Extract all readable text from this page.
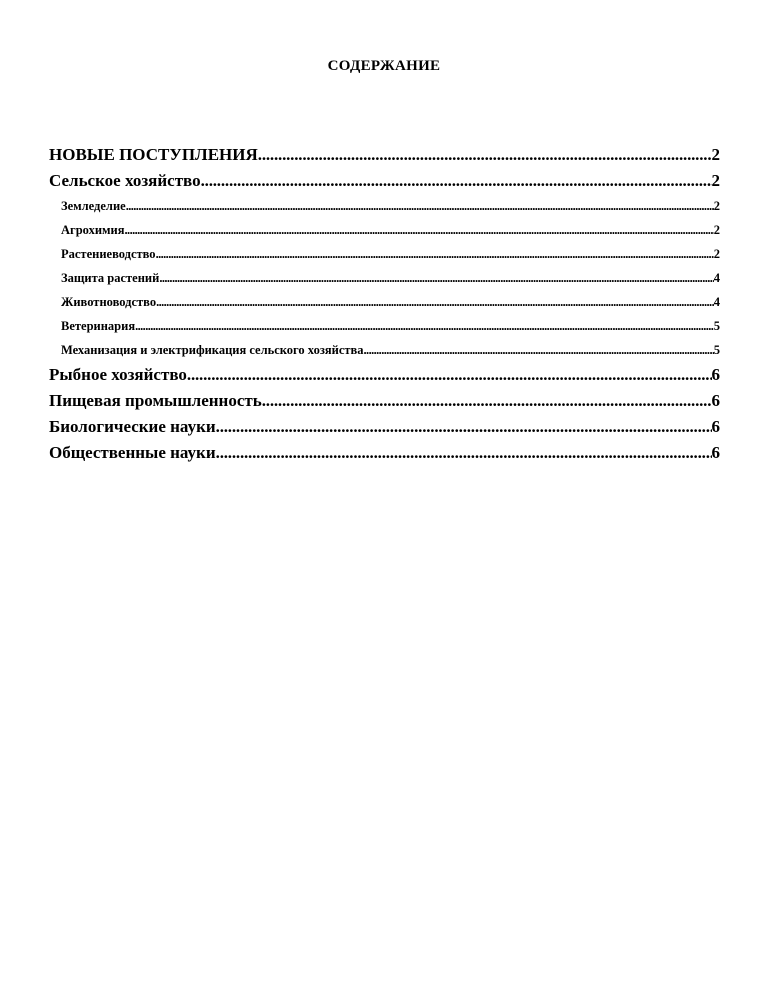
СОДЕРЖАНИЕ
НОВЫЕ ПОСТУПЛЕНИЯ .....	2
Сельское хозяйство .....	2
Земледелие .....	2
Агрохимия .....	2
Растениеводство .....	2
Защита растений .....	4
Животноводство .....	4
Ветеринария .....	5
Механизация и электрификация сельского хозяйства .....	5
Рыбное хозяйство .....	6
Пищевая промышленность .....	6
Биологические науки .....	6
Общественные науки .....	6
